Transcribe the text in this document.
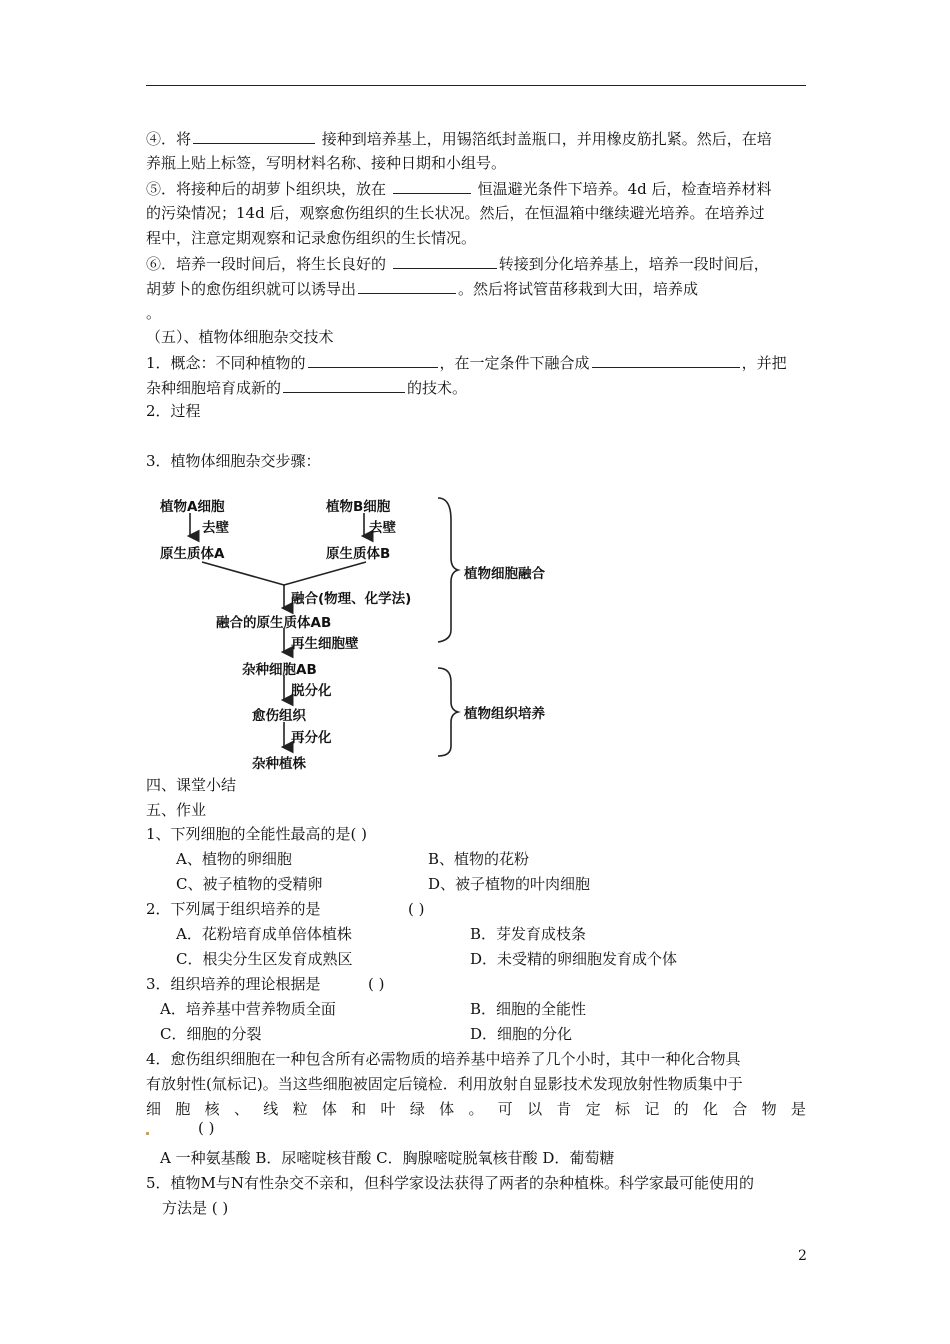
④．将	接种到培养基上，用锡箔纸封盖瓶口，并用橡皮筋扎紧。然后，在培
养瓶上贴上标签，写明材料名称、接种日期和小组号。
⑤．将接种后的胡萝卜组织块，放在	恒温避光条件下培养。4d 后，检查培养材料
的污染情况；14d 后，观察愈伤组织的生长状况。然后，在恒温箱中继续避光培养。在培养过
程中，注意定期观察和记录愈伤组织的生长情况。
⑥．培养一段时间后，将生长良好的	转接到分化培养基上，培养一段时间后，
胡萝卜的愈伤组织就可以诱导出	。然后将试管苗移栽到大田，培养成
。
（五）、植物体细胞杂交技术
1．概念：不同种植物的	，在一定条件下融合成	，并把
杂种细胞培育成新的	的技术。
2．过程
3．植物体细胞杂交步骤：
植物A细胞	植物B细胞
去壁	去壁
原生质体A	原生质体B
融合(物理、化学法)
融合的原生质体AB
再生细胞壁
杂种细胞AB
脱分化
愈伤组织
再分化
杂种植株
植物细胞融合
植物组织培养
四、课堂小结
五、作业
1、下列细胞的全能性最高的是( )
A、植物的卵细胞	B、植物的花粉
C、被子植物的受精卵	D、被子植物的叶肉细胞
2．下列属于组织培养的是	( )
A．花粉培育成单倍体植株	B．芽发育成枝条
C．根尖分生区发育成熟区	D．未受精的卵细胞发育成个体
3．组织培养的理论根据是	( )
A．培养基中营养物质全面	B．细胞的全能性
C．细胞的分裂	D．细胞的分化
4．愈伤组织细胞在一种包含所有必需物质的培养基中培养了几个小时，其中一种化合物具
有放射性(氚标记)。当这些细胞被固定后镜检．利用放射自显影技术发现放射性物质集中于
细 胞 核 、 线 粒 体 和 叶 绿 体 。 可 以 肯 定 标 记 的 化 合 物 是
( )
A 一种氨基酸 B．尿嘧啶核苷酸 C．胸腺嘧啶脱氧核苷酸 D．葡萄糖
5．植物M与N有性杂交不亲和，但科学家设法获得了两者的杂种植株。科学家最可能使用的
方法是 ( )
2
